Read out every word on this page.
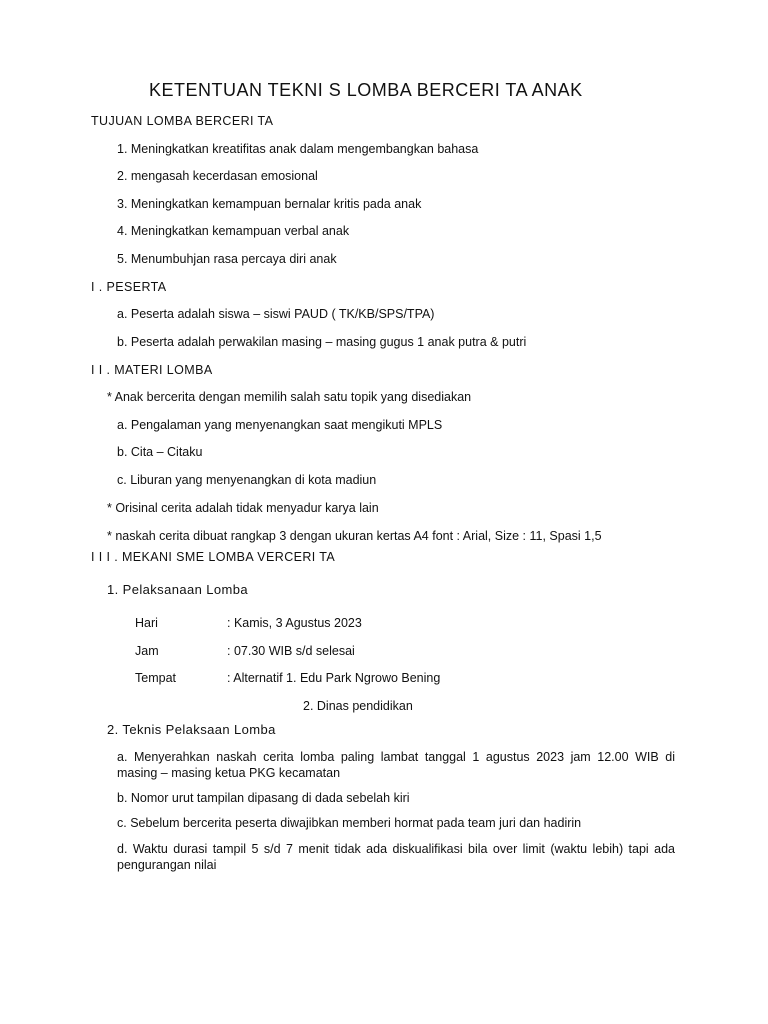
KETENTUAN TEKNI S LOMBA BERCERI TA ANAK
TUJUAN LOMBA BERCERI TA
1. Meningkatkan kreatifitas anak dalam mengembangkan bahasa
2. mengasah kecerdasan emosional
3. Meningkatkan kemampuan bernalar kritis pada anak
4. Meningkatkan kemampuan verbal anak
5. Menumbuhjan rasa percaya diri anak
I . PESERTA
a. Peserta adalah siswa – siswi PAUD ( TK/KB/SPS/TPA)
b. Peserta adalah perwakilan masing – masing gugus 1 anak putra & putri
I I . MATERI LOMBA
* Anak bercerita dengan memilih salah satu topik yang disediakan
a. Pengalaman yang menyenangkan saat mengikuti MPLS
b. Cita – Citaku
c. Liburan yang menyenangkan di kota madiun
* Orisinal cerita adalah tidak menyadur karya lain
* naskah cerita dibuat rangkap 3 dengan ukuran kertas A4 font : Arial, Size : 11, Spasi 1,5
I I I . MEKANI SME LOMBA VERCERI TA
1. Pelaksanaan Lomba
Hari	: Kamis, 3 Agustus 2023
Jam	: 07.30 WIB s/d selesai
Tempat	: Alternatif 1. Edu Park Ngrowo Bening
2. Dinas pendidikan
2. Teknis Pelaksaan Lomba
a. Menyerahkan naskah cerita lomba paling lambat tanggal 1 agustus 2023 jam 12.00 WIB di masing – masing ketua PKG kecamatan
b. Nomor urut tampilan dipasang di dada sebelah kiri
c. Sebelum bercerita peserta diwajibkan memberi hormat pada team juri dan hadirin
d. Waktu durasi tampil 5 s/d 7 menit tidak ada diskualifikasi bila over limit (waktu lebih) tapi ada pengurangan nilai
